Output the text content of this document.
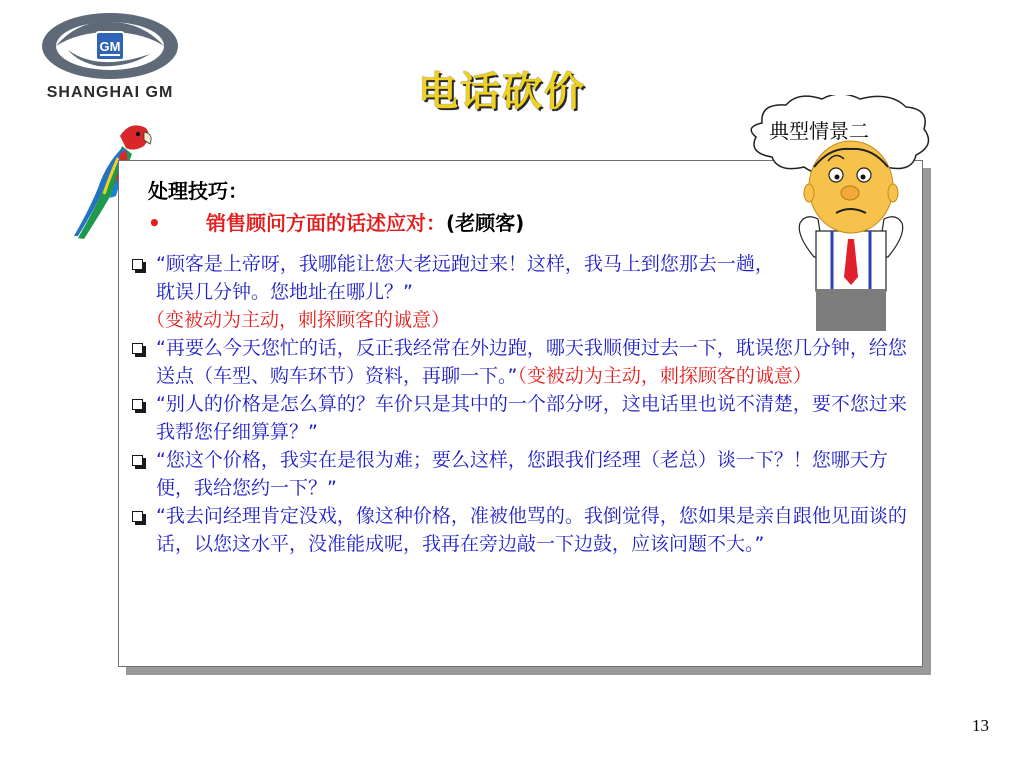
GM
SHANGHAI GM	电话砍价
处理技巧：
• 销售顾问方面的话述应对：(老顾客)
“顾客是上帝呀，我哪能让您大老远跑过来！这样，我马上到您那去一趟，耽误几分钟。您地址在哪儿？”
（变被动为主动，刺探顾客的诚意）
“再要么今天您忙的话，反正我经常在外边跑，哪天我顺便过去一下，耽误您几分钟，给您送点（车型、购车环节）资料，再聊一下。”（变被动为主动，刺探顾客的诚意）
“别人的价格是怎么算的？车价只是其中的一个部分呀，这电话里也说不清楚，要不您过来我帮您仔细算算？”
“您这个价格，我实在是很为难；要么这样，您跟我们经理（老总）谈一下？！您哪天方便，我给您约一下？”
“我去问经理肯定没戏，像这种价格，准被他骂的。我倒觉得，您如果是亲自跟他见面谈的话，以您这水平，没准能成呢，我再在旁边敲一下边鼓，应该问题不大。”
典型情景二
13
